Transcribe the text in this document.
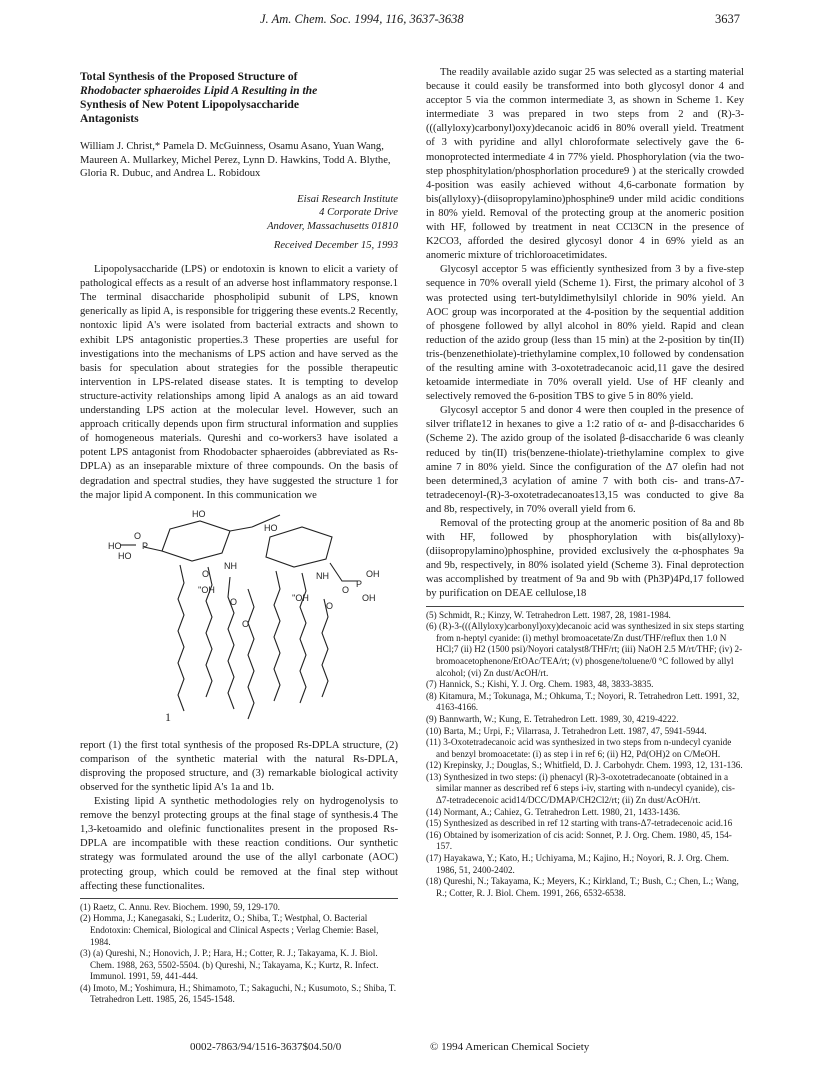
J. Am. Chem. Soc. 1994, 116, 3637-3638	3637
Total Synthesis of the Proposed Structure of
Rhodobacter sphaeroides Lipid A Resulting in the
Synthesis of New Potent Lipopolysaccharide
Antagonists
William J. Christ,* Pamela D. McGuinness, Osamu Asano, Yuan Wang, Maureen A. Mullarkey, Michel Perez, Lynn D. Hawkins, Todd A. Blythe, Gloria R. Dubuc, and Andrea L. Robidoux
Eisai Research Institute
4 Corporate Drive
Andover, Massachusetts 01810
Received December 15, 1993

Lipopolysaccharide (LPS) or endotoxin is known to elicit a variety of pathological effects as a result of an adverse host inflammatory response.1 The terminal disaccharide phospholipid subunit of LPS, known generically as lipid A, is responsible for triggering these events.2 Recently, nontoxic lipid A's were isolated from bacterial extracts and shown to exhibit LPS antagonistic properties.3 These properties are useful for investigations into the mechanisms of LPS action and have served as the basis for speculation about strategies for the possible therapeutic intervention in LPS-related disease states. It is tempting to develop structure-activity relationships among lipid A analogs as an aid toward understanding LPS action at the molecular level. However, such an approach critically depends upon firm structural information and supplies of homogeneous materials. Qureshi and co-workers3 have isolated a potent LPS antagonist from Rhodobacter sphaeroides (abbreviated as Rs-DPLA) as an inseparable mixture of three compounds. On the basis of degradation and spectral studies, they have suggested the structure 1 for the major lipid A component. In this communication we

HO
O
P
HO
HO
NH
O
HO
NH
O
P
OH
OH
''OH
''OH
O	O
O
1

report (1) the first total synthesis of the proposed Rs-DPLA structure, (2) comparison of the synthetic material with the natural Rs-DPLA, disproving the proposed structure, and (3) remarkable biological activity observed for the synthetic lipid A's 1a and 1b.

Existing lipid A synthetic methodologies rely on hydrogenolysis to remove the benzyl protecting groups at the final stage of synthesis.4 The 1,3-ketoamido and olefinic functionalites present in the proposed Rs-DPLA are incompatible with these reaction conditions. Our synthetic strategy was formulated around the use of the allyl carbonate (AOC) protecting group, which could be removed at the final step without affecting these functionalites.

(1) Raetz, C. Annu. Rev. Biochem. 1990, 59, 129-170.
(2) Homma, J.; Kanegasaki, S.; Luderitz, O.; Shiba, T.; Westphal, O. Bacterial Endotoxin: Chemical, Biological and Clinical Aspects ; Verlag Chemie: Basel, 1984.
(3) (a) Qureshi, N.; Honovich, J. P.; Hara, H.; Cotter, R. J.; Takayama, K. J. Biol. Chem. 1988, 263, 5502-5504. (b) Qureshi, N.; Takayama, K.; Kurtz, R. Infect. Immunol. 1991, 59, 441-444.
(4) Imoto, M.; Yoshimura, H.; Shimamoto, T.; Sakaguchi, N.; Kusumoto, S.; Shiba, T. Tetrahedron Lett. 1985, 26, 1545-1548.

The readily available azido sugar 25 was selected as a starting material because it could easily be transformed into both glycosyl donor 4 and acceptor 5 via the common intermediate 3, as shown in Scheme 1. Key intermediate 3 was prepared in two steps from 2 and (R)-3-(((allyloxy)carbonyl)oxy)decanoic acid6 in 80% overall yield. Treatment of 3 with pyridine and allyl chloroformate selectively gave the 6-monoprotected intermediate 4 in 77% yield. Phosphorylation (via the two-step phosphitylation/phosphorlation procedure9 ) at the sterically crowded 4-position was easily achieved without 4,6-carbonate formation by bis(allyloxy)-(diisopropylamino)phosphine9 under mild acidic conditions in 80% yield. Removal of the protecting group at the anomeric position with HF, followed by treatment in neat CCl3CN in the presence of K2CO3, afforded the desired glycosyl donor 4 in 69% yield as an anomeric mixture of trichloroacetimidates.

Glycosyl acceptor 5 was efficiently synthesized from 3 by a five-step sequence in 70% overall yield (Scheme 1). First, the primary alcohol of 3 was protected using tert-butyldimethylsilyl chloride in 90% yield. An AOC group was incorporated at the 4-position by the sequential addition of phosgene followed by allyl alcohol in 80% yield. Rapid and clean reduction of the azido group (less than 15 min) at the 2-position by tin(II) tris-(benzenethiolate)-triethylamine complex,10 followed by condensation of the resulting amine with 3-oxotetradecanoic acid,11 gave the desired ketoamide intermediate in 70% overall yield. Use of HF cleanly and selectively removed the 6-position TBS to give 5 in 80% yield.

Glycosyl acceptor 5 and donor 4 were then coupled in the presence of silver triflate12 in hexanes to give a 1:2 ratio of α- and β-disaccharides 6 (Scheme 2). The azido group of the isolated β-disaccharide 6 was cleanly reduced by tin(II) tris(benzene-thiolate)-triethylamine complex to give amine 7 in 80% yield. Since the configuration of the Δ7 olefin had not been determined,3 acylation of amine 7 with both cis- and trans-Δ7-tetradecenoyl-(R)-3-oxotetradecanoates13,15 was conducted to give 8a and 8b, respectively, in 70% overall yield from 6.

Removal of the protecting group at the anomeric position of 8a and 8b with HF, followed by phosphorylation with bis(allyloxy)-(diisopropylamino)phosphine, provided exclusively the α-phosphates 9a and 9b, respectively, in 80% isolated yield (Scheme 3). Final deprotection was accomplished by treatment of 9a and 9b with (Ph3P)4Pd,17 followed by purification on DEAE cellulose,18

(5) Schmidt, R.; Kinzy, W. Tetrahedron Lett. 1987, 28, 1981-1984.
(6) (R)-3-(((Allyloxy)carbonyl)oxy)decanoic acid was synthesized in six steps starting from n-heptyl cyanide: (i) methyl bromoacetate/Zn dust/THF/reflux then 1.0 N HCl;7 (ii) H2 (1500 psi)/Noyori catalyst8/THF/rt; (iii) NaOH 2.5 M/rt/THF; (iv) 2-bromoacetophenone/EtOAc/TEA/rt; (v) phosgene/toluene/0 °C followed by allyl alcohol; (vi) Zn dust/AcOH/rt.
(7) Hannick, S.; Kishi, Y. J. Org. Chem. 1983, 48, 3833-3835.
(8) Kitamura, M.; Tokunaga, M.; Ohkuma, T.; Noyori, R. Tetrahedron Lett. 1991, 32, 4163-4166.
(9) Bannwarth, W.; Kung, E. Tetrahedron Lett. 1989, 30, 4219-4222.
(10) Barta, M.; Urpi, F.; Vilarrasa, J. Tetrahedron Lett. 1987, 47, 5941-5944.
(11) 3-Oxotetradecanoic acid was synthesized in two steps from n-undecyl cyanide and benzyl bromoacetate: (i) as step i in ref 6; (ii) H2, Pd(OH)2 on C/MeOH.
(12) Krepinsky, J.; Douglas, S.; Whitfield, D. J. Carbohydr. Chem. 1993, 12, 131-136.
(13) Synthesized in two steps: (i) phenacyl (R)-3-oxotetradecanoate (obtained in a similar manner as described ref 6 steps i-iv, starting with n-undecyl cyanide), cis-Δ7-tetradecenoic acid14/DCC/DMAP/CH2Cl2/rt; (ii) Zn dust/AcOH/rt.
(14) Normant, A.; Cahiez, G. Tetrahedron Lett. 1980, 21, 1433-1436.
(15) Synthesized as described in ref 12 starting with trans-Δ7-tetradecenoic acid.16
(16) Obtained by isomerization of cis acid: Sonnet, P. J. Org. Chem. 1980, 45, 154-157.
(17) Hayakawa, Y.; Kato, H.; Uchiyama, M.; Kajino, H.; Noyori, R. J. Org. Chem. 1986, 51, 2400-2402.
(18) Qureshi, N.; Takayama, K.; Meyers, K.; Kirkland, T.; Bush, C.; Chen, L.; Wang, R.; Cotter, R. J. Biol. Chem. 1991, 266, 6532-6538.
0002-7863/94/1516-3637$04.50/0	© 1994 American Chemical Society
